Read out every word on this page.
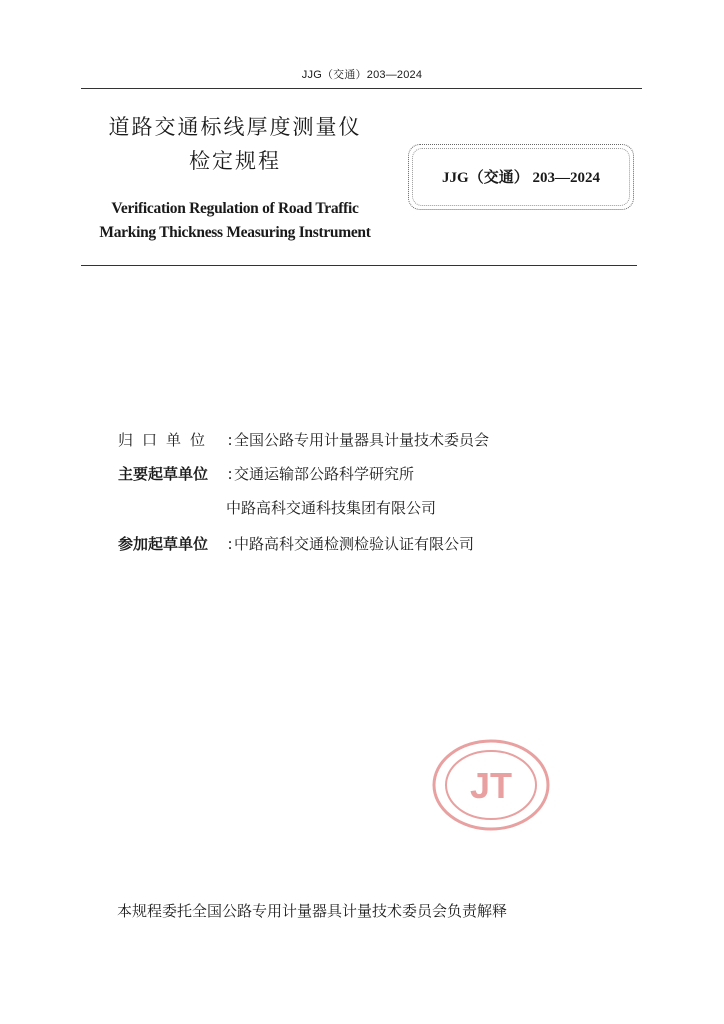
JJG（交通）203—2024
道路交通标线厚度测量仪
检定规程
Verification Regulation of Road Traffic
Marking Thickness Measuring Instrument
JJG（交通） 203—2024
归口单位 :全国公路专用计量器具计量技术委员会
主要起草单位 :交通运输部公路科学研究所
中路高科交通科技集团有限公司
参加起草单位 :中路高科交通检测检验认证有限公司
JT
本规程委托全国公路专用计量器具计量技术委员会负责解释
